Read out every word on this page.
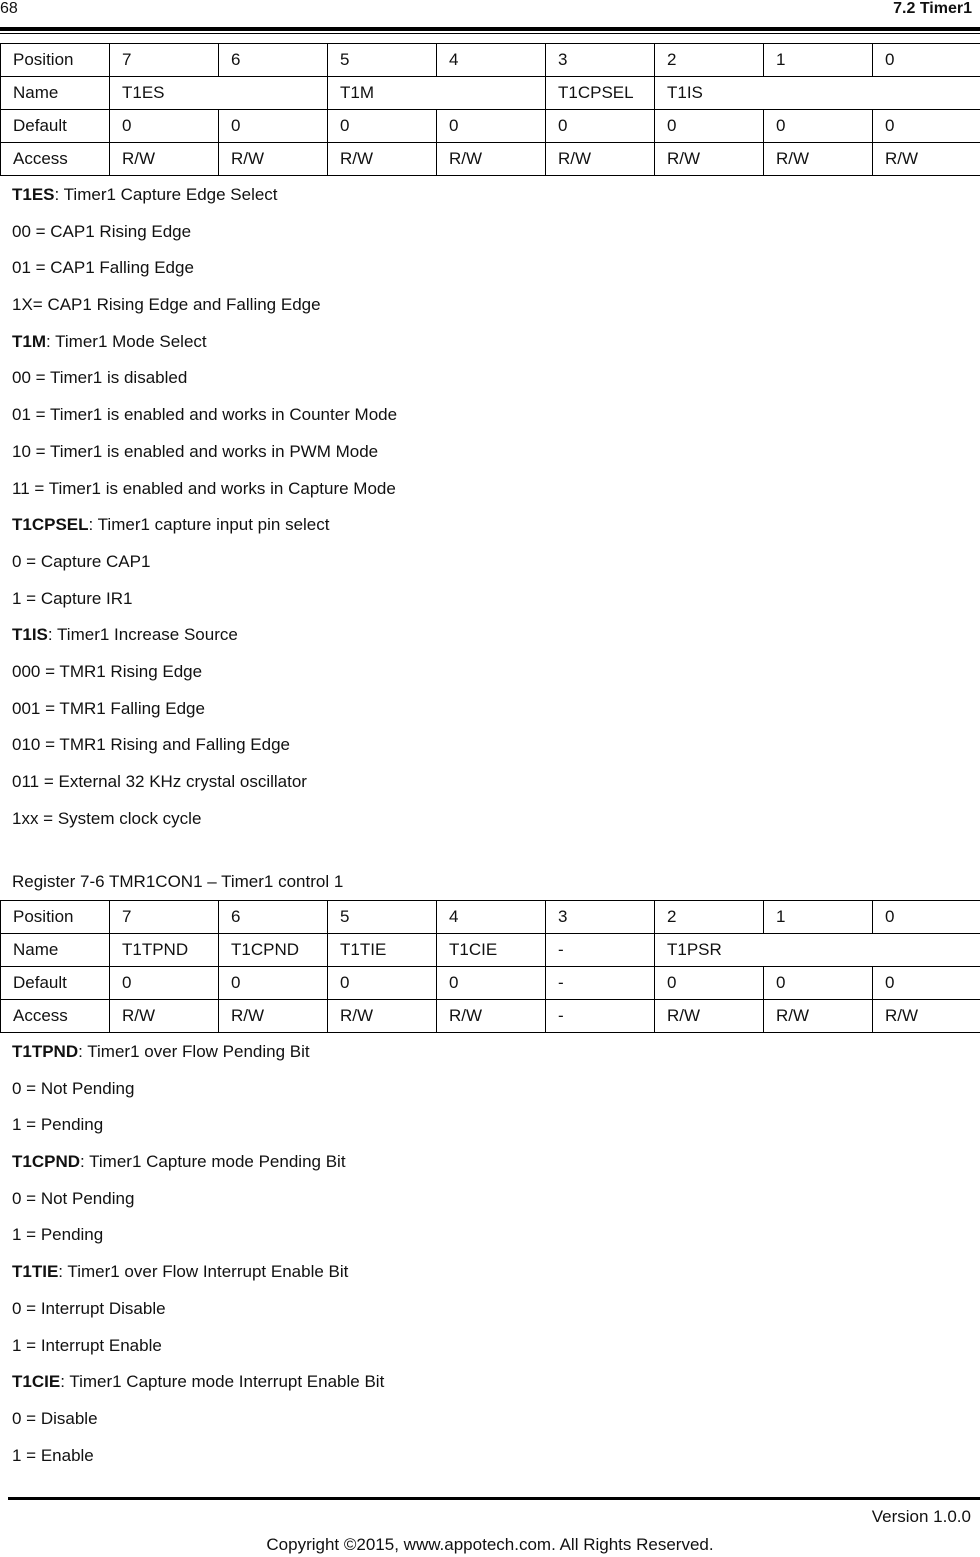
68	7.2 Timer1
Position	7	6	5	4	3	2	1	0
Name	T1ES		T1M		T1CPSEL	T1IS		
Default	0	0	0	0	0	0	0	0
Access	R/W	R/W	R/W	R/W	R/W	R/W	R/W	R/W
T1ES: Timer1 Capture Edge Select
00 = CAP1 Rising Edge
01 = CAP1 Falling Edge
1X= CAP1 Rising Edge and Falling Edge
T1M: Timer1 Mode Select
00 = Timer1 is disabled
01 = Timer1 is enabled and works in Counter Mode
10 = Timer1 is enabled and works in PWM Mode
11 = Timer1 is enabled and works in Capture Mode
T1CPSEL: Timer1 capture input pin select
0 = Capture CAP1
1 = Capture IR1
T1IS: Timer1 Increase Source
000 = TMR1 Rising Edge
001 = TMR1 Falling Edge
010 = TMR1 Rising and Falling Edge
011 = External 32 KHz crystal oscillator
1xx = System clock cycle
Register 7-6 TMR1CON1 – Timer1 control 1
Position	7	6	5	4	3	2	1	0
Name	T1TPND	T1CPND	T1TIE	T1CIE	-	T1PSR		
Default	0	0	0	0	-	0	0	0
Access	R/W	R/W	R/W	R/W	-	R/W	R/W	R/W
T1TPND: Timer1 over Flow Pending Bit
0 = Not Pending
1 = Pending
T1CPND: Timer1 Capture mode Pending Bit
0 = Not Pending
1 = Pending
T1TIE: Timer1 over Flow Interrupt Enable Bit
0 = Interrupt Disable
1 = Interrupt Enable
T1CIE: Timer1 Capture mode Interrupt Enable Bit
0 = Disable
1 = Enable
Version 1.0.0
Copyright ©2015, www.appotech.com. All Rights Reserved.
